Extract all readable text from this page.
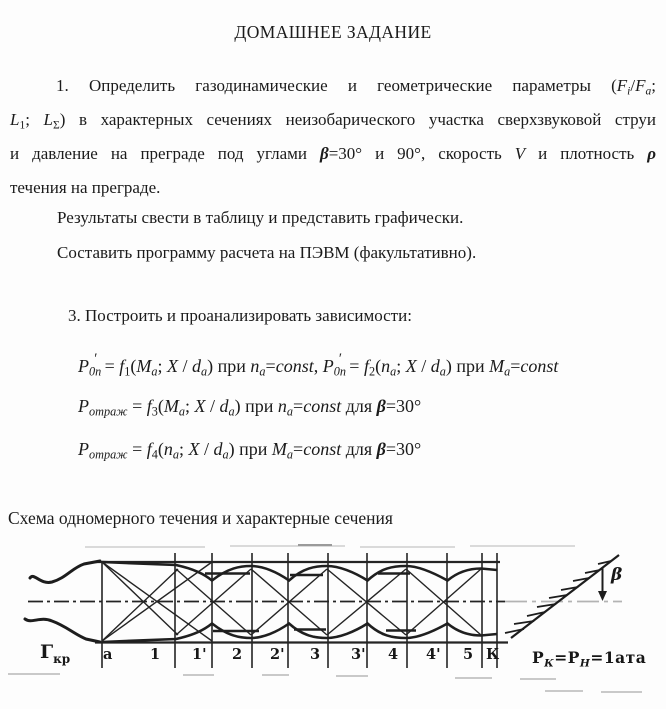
ДОМАШНЕЕ ЗАДАНИЕ
1. Определить газодинамические и геометрические параметры ($F_i/F_a$;
$L_1$; $L_\Sigma$) в характерных сечениях неизобарического участка сверхзвуковой струи
и давление на преграде под углами β=30° и 90°, скорость V и плотность ρ
течения на преграде.
Результаты свести в таблицу и представить графически.
Составить программу расчета на ПЭВМ (факультативно).
3. Построить и проанализировать зависимости:
$P_{0n}' = f_1(M_a$; X / $d_a$) при $n_a=const$, $P_{0n}' = f_2(n_a$; X / $d_a$) при $M_a=const$
$P_{отраж} = f_3(M_a$; X / $d_a$) при $n_a=const$ для β=30°
$P_{отраж} = f_4(n_a$; X / $d_a$) при $M_a=const$ для β=30°
Схема одномерного течения и характерные сечения
$Г_{кр}$ a	1 1' 2 2' 3 3' 4 4' 5 К
β
$P_К=P_Н=1ата$
